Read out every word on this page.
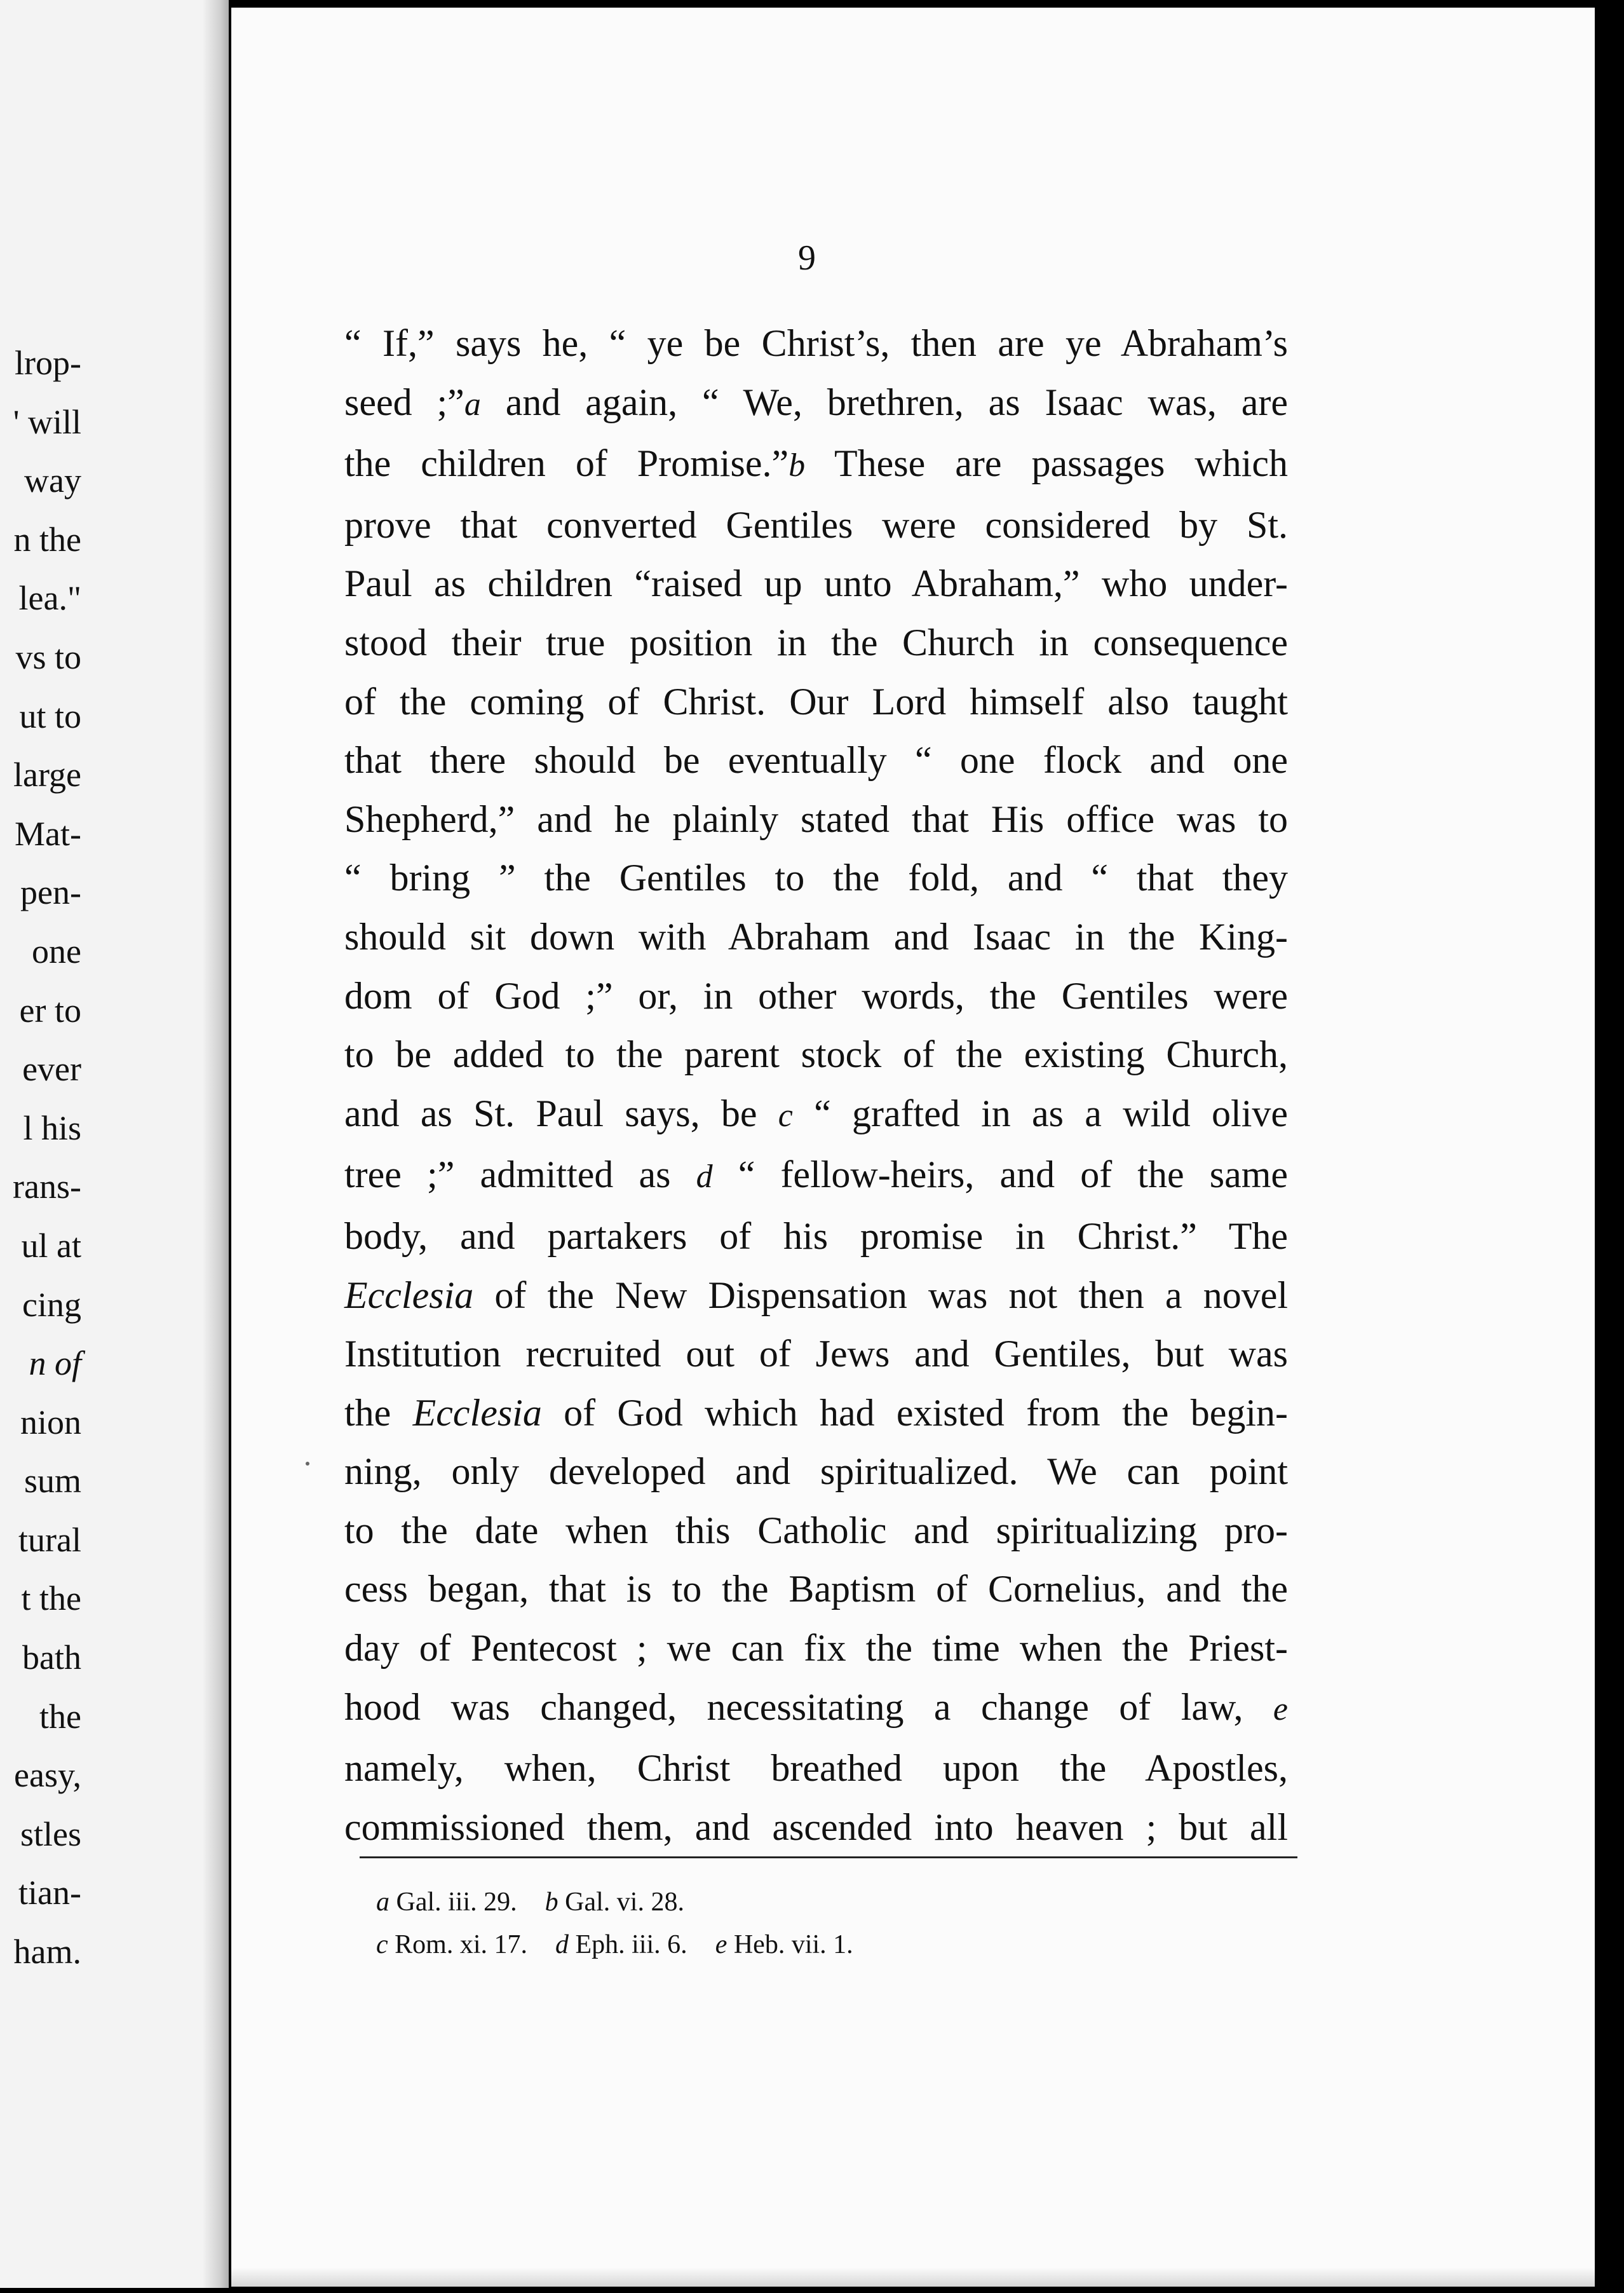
lrop-
' will
way
n the
lea."
vs to
ut to
large
Mat-
pen-
one
er to
ever
l his
rans-
ul at
cing
n of
nion
sum
tural
t the
bath
the
easy,
stles
tian-
ham.
9
“ If,” says he, “ ye be Christ’s, then are ye Abraham’s
seed ;”a and again, “ We, brethren, as Isaac was, are
the children of Promise.”b These are passages which
prove that converted Gentiles were considered by St.
Paul as children “raised up unto Abraham,” who under-
stood their true position in the Church in consequence
of the coming of Christ. Our Lord himself also taught
that there should be eventually “ one flock and one
Shepherd,” and he plainly stated that His office was to
“ bring ” the Gentiles to the fold, and “ that they
should sit down with Abraham and Isaac in the King-
dom of God ;” or, in other words, the Gentiles were
to be added to the parent stock of the existing Church,
and as St. Paul says, be c “ grafted in as a wild olive
tree ;” admitted as d “ fellow-heirs, and of the same
body, and partakers of his promise in Christ.” The
Ecclesia of the New Dispensation was not then a novel
Institution recruited out of Jews and Gentiles, but was
the Ecclesia of God which had existed from the begin-
ning, only developed and spiritualized. We can point
to the date when this Catholic and spiritualizing pro-
cess began, that is to the Baptism of Cornelius, and the
day of Pentecost ; we can fix the time when the Priest-
hood was changed, necessitating a change of law, e
namely, when, Christ breathed upon the Apostles,
commissioned them, and ascended into heaven ; but all
a Gal. iii. 29. b Gal. vi. 28.
c Rom. xi. 17. d Eph. iii. 6. e Heb. vii. 1.
